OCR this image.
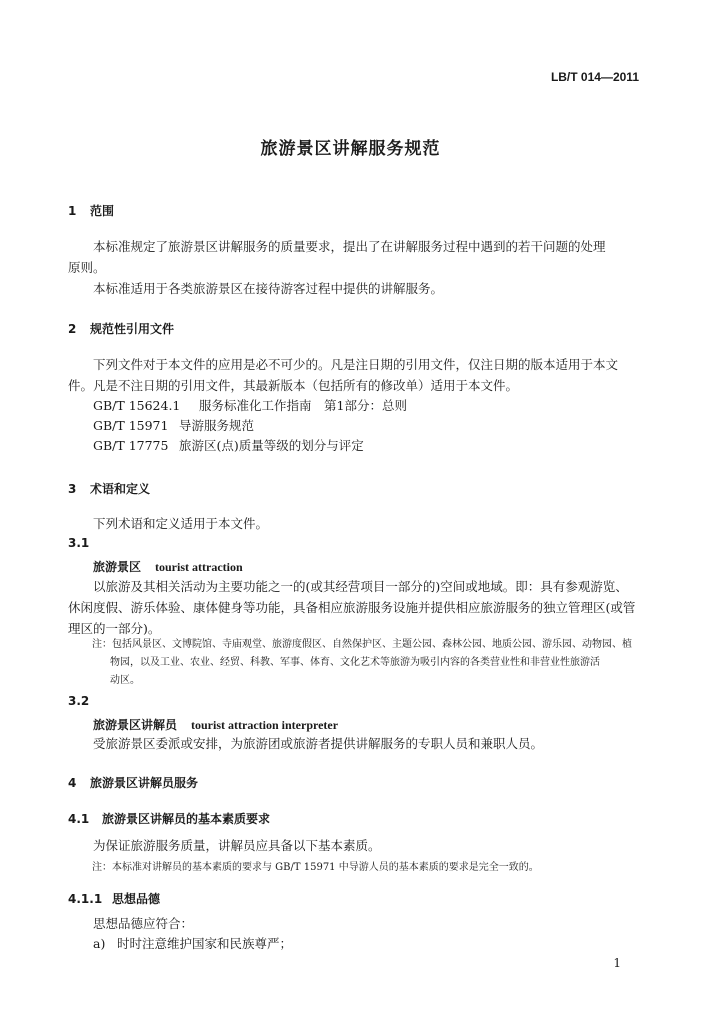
LB/T 014—2011
旅游景区讲解服务规范
1 范围
本标准规定了旅游景区讲解服务的质量要求，提出了在讲解服务过程中遇到的若干问题的处理
原则。
本标准适用于各类旅游景区在接待游客过程中提供的讲解服务。
2 规范性引用文件
下列文件对于本文件的应用是必不可少的。凡是注日期的引用文件，仅注日期的版本适用于本文
件。凡是不注日期的引用文件，其最新版本（包括所有的修改单）适用于本文件。
GB/T 15624.1 服务标准化工作指南　第1部分：总则
GB/T 15971 导游服务规范
GB/T 17775 旅游区(点)质量等级的划分与评定
3 术语和定义
下列术语和定义适用于本文件。
3.1
旅游景区 tourist attraction
以旅游及其相关活动为主要功能之一的(或其经营项目一部分的)空间或地域。即：具有参观游览、
休闲度假、游乐体验、康体健身等功能，具备相应旅游服务设施并提供相应旅游服务的独立管理区(或管
理区的一部分)。
注：包括风景区、文博院馆、寺庙观堂、旅游度假区、自然保护区、主题公园、森林公园、地质公园、游乐园、动物园、植
物园，以及工业、农业、经贸、科教、军事、体育、文化艺术等旅游为吸引内容的各类营业性和非营业性旅游活
动区。
3.2
旅游景区讲解员 tourist attraction interpreter
受旅游景区委派或安排，为旅游团或旅游者提供讲解服务的专职人员和兼职人员。
4 旅游景区讲解员服务
4.1 旅游景区讲解员的基本素质要求
为保证旅游服务质量，讲解员应具备以下基本素质。
注：本标准对讲解员的基本素质的要求与 GB/T 15971 中导游人员的基本素质的要求是完全一致的。
4.1.1 思想品德
思想品德应符合：
a) 时时注意维护国家和民族尊严；
1
